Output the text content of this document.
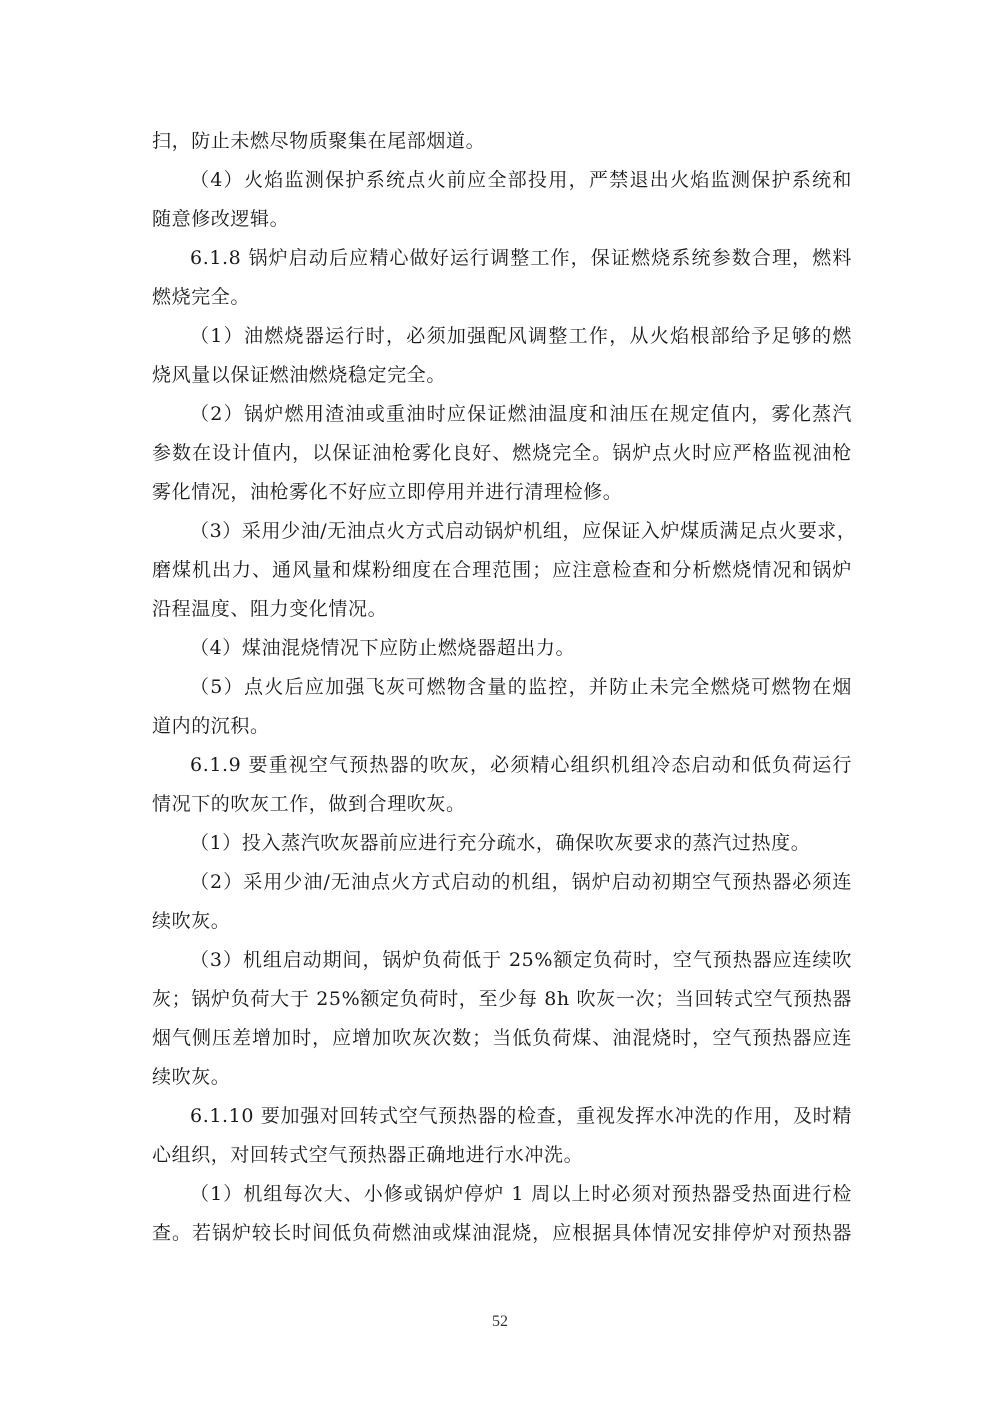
扫，防止未燃尽物质聚集在尾部烟道。
（4）火焰监测保护系统点火前应全部投用，严禁退出火焰监测保护系统和
随意修改逻辑。
6.1.8 锅炉启动后应精心做好运行调整工作，保证燃烧系统参数合理，燃料
燃烧完全。
（1）油燃烧器运行时，必须加强配风调整工作，从火焰根部给予足够的燃
烧风量以保证燃油燃烧稳定完全。
（2）锅炉燃用渣油或重油时应保证燃油温度和油压在规定值内，雾化蒸汽
参数在设计值内，以保证油枪雾化良好、燃烧完全。锅炉点火时应严格监视油枪
雾化情况，油枪雾化不好应立即停用并进行清理检修。
（3）采用少油/无油点火方式启动锅炉机组，应保证入炉煤质满足点火要求，
磨煤机出力、通风量和煤粉细度在合理范围；应注意检查和分析燃烧情况和锅炉
沿程温度、阻力变化情况。
（4）煤油混烧情况下应防止燃烧器超出力。
（5）点火后应加强飞灰可燃物含量的监控，并防止未完全燃烧可燃物在烟
道内的沉积。
6.1.9 要重视空气预热器的吹灰，必须精心组织机组冷态启动和低负荷运行
情况下的吹灰工作，做到合理吹灰。
（1）投入蒸汽吹灰器前应进行充分疏水，确保吹灰要求的蒸汽过热度。
（2）采用少油/无油点火方式启动的机组，锅炉启动初期空气预热器必须连
续吹灰。
（3）机组启动期间，锅炉负荷低于 25%额定负荷时，空气预热器应连续吹
灰；锅炉负荷大于 25%额定负荷时，至少每 8h 吹灰一次；当回转式空气预热器
烟气侧压差增加时，应增加吹灰次数；当低负荷煤、油混烧时，空气预热器应连
续吹灰。
6.1.10 要加强对回转式空气预热器的检查，重视发挥水冲洗的作用，及时精
心组织，对回转式空气预热器正确地进行水冲洗。
（1）机组每次大、小修或锅炉停炉 1 周以上时必须对预热器受热面进行检
查。若锅炉较长时间低负荷燃油或煤油混烧，应根据具体情况安排停炉对预热器
52
